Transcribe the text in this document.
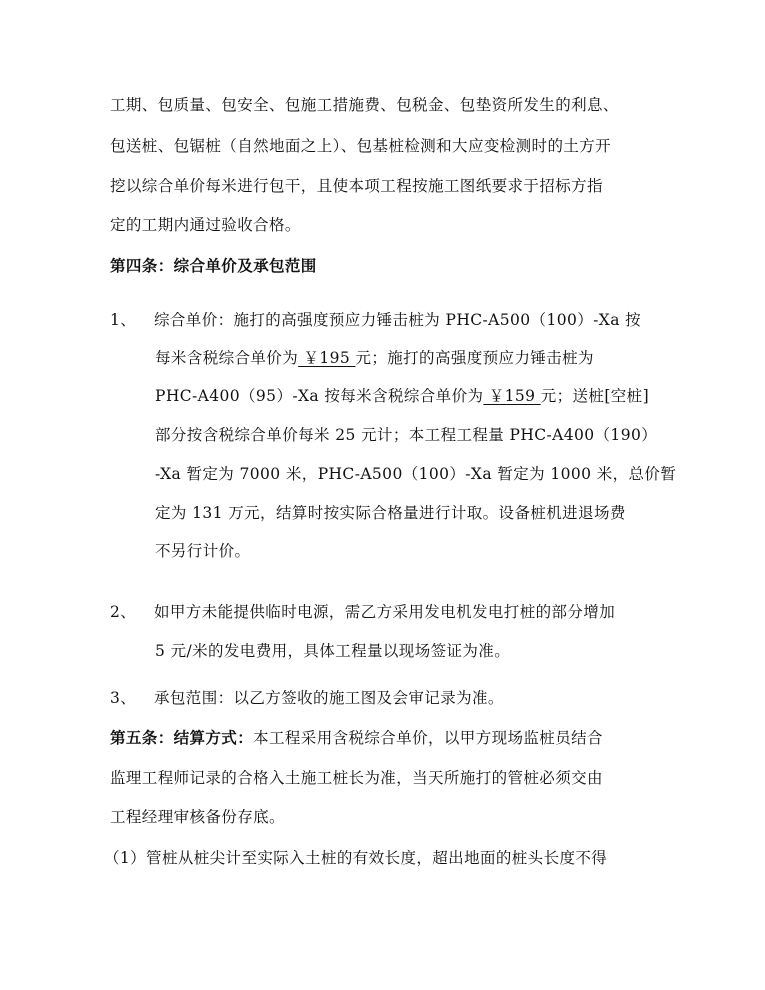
工期、包质量、包安全、包施工措施费、包税金、包垫资所发生的利息、
包送桩、包锯桩（自然地面之上）、包基桩检测和大应变检测时的土方开
挖以综合单价每米进行包干，且使本项工程按施工图纸要求于招标方指
定的工期内通过验收合格。
第四条：综合单价及承包范围
1、 综合单价：施打的高强度预应力锤击桩为 PHC-A500（100）-Xa 按
每米含税综合单价为 ￥195 元；施打的高强度预应力锤击桩为
PHC-A400（95）-Xa 按每米含税综合单价为 ￥159 元；送桩[空桩]
部分按含税综合单价每米 25 元计；本工程工程量 PHC-A400（190）
-Xa 暂定为 7000 米，PHC-A500（100）-Xa 暂定为 1000 米，总价暂
定为 131 万元，结算时按实际合格量进行计取。设备桩机进退场费
不另行计价。
2、 如甲方未能提供临时电源，需乙方采用发电机发电打桩的部分增加
5 元/米的发电费用，具体工程量以现场签证为准。
3、 承包范围：以乙方签收的施工图及会审记录为准。
第五条：结算方式：本工程采用含税综合单价，以甲方现场监桩员结合
监理工程师记录的合格入土施工桩长为准，当天所施打的管桩必须交由
工程经理审核备份存底。
（1）管桩从桩尖计至实际入土桩的有效长度，超出地面的桩头长度不得
